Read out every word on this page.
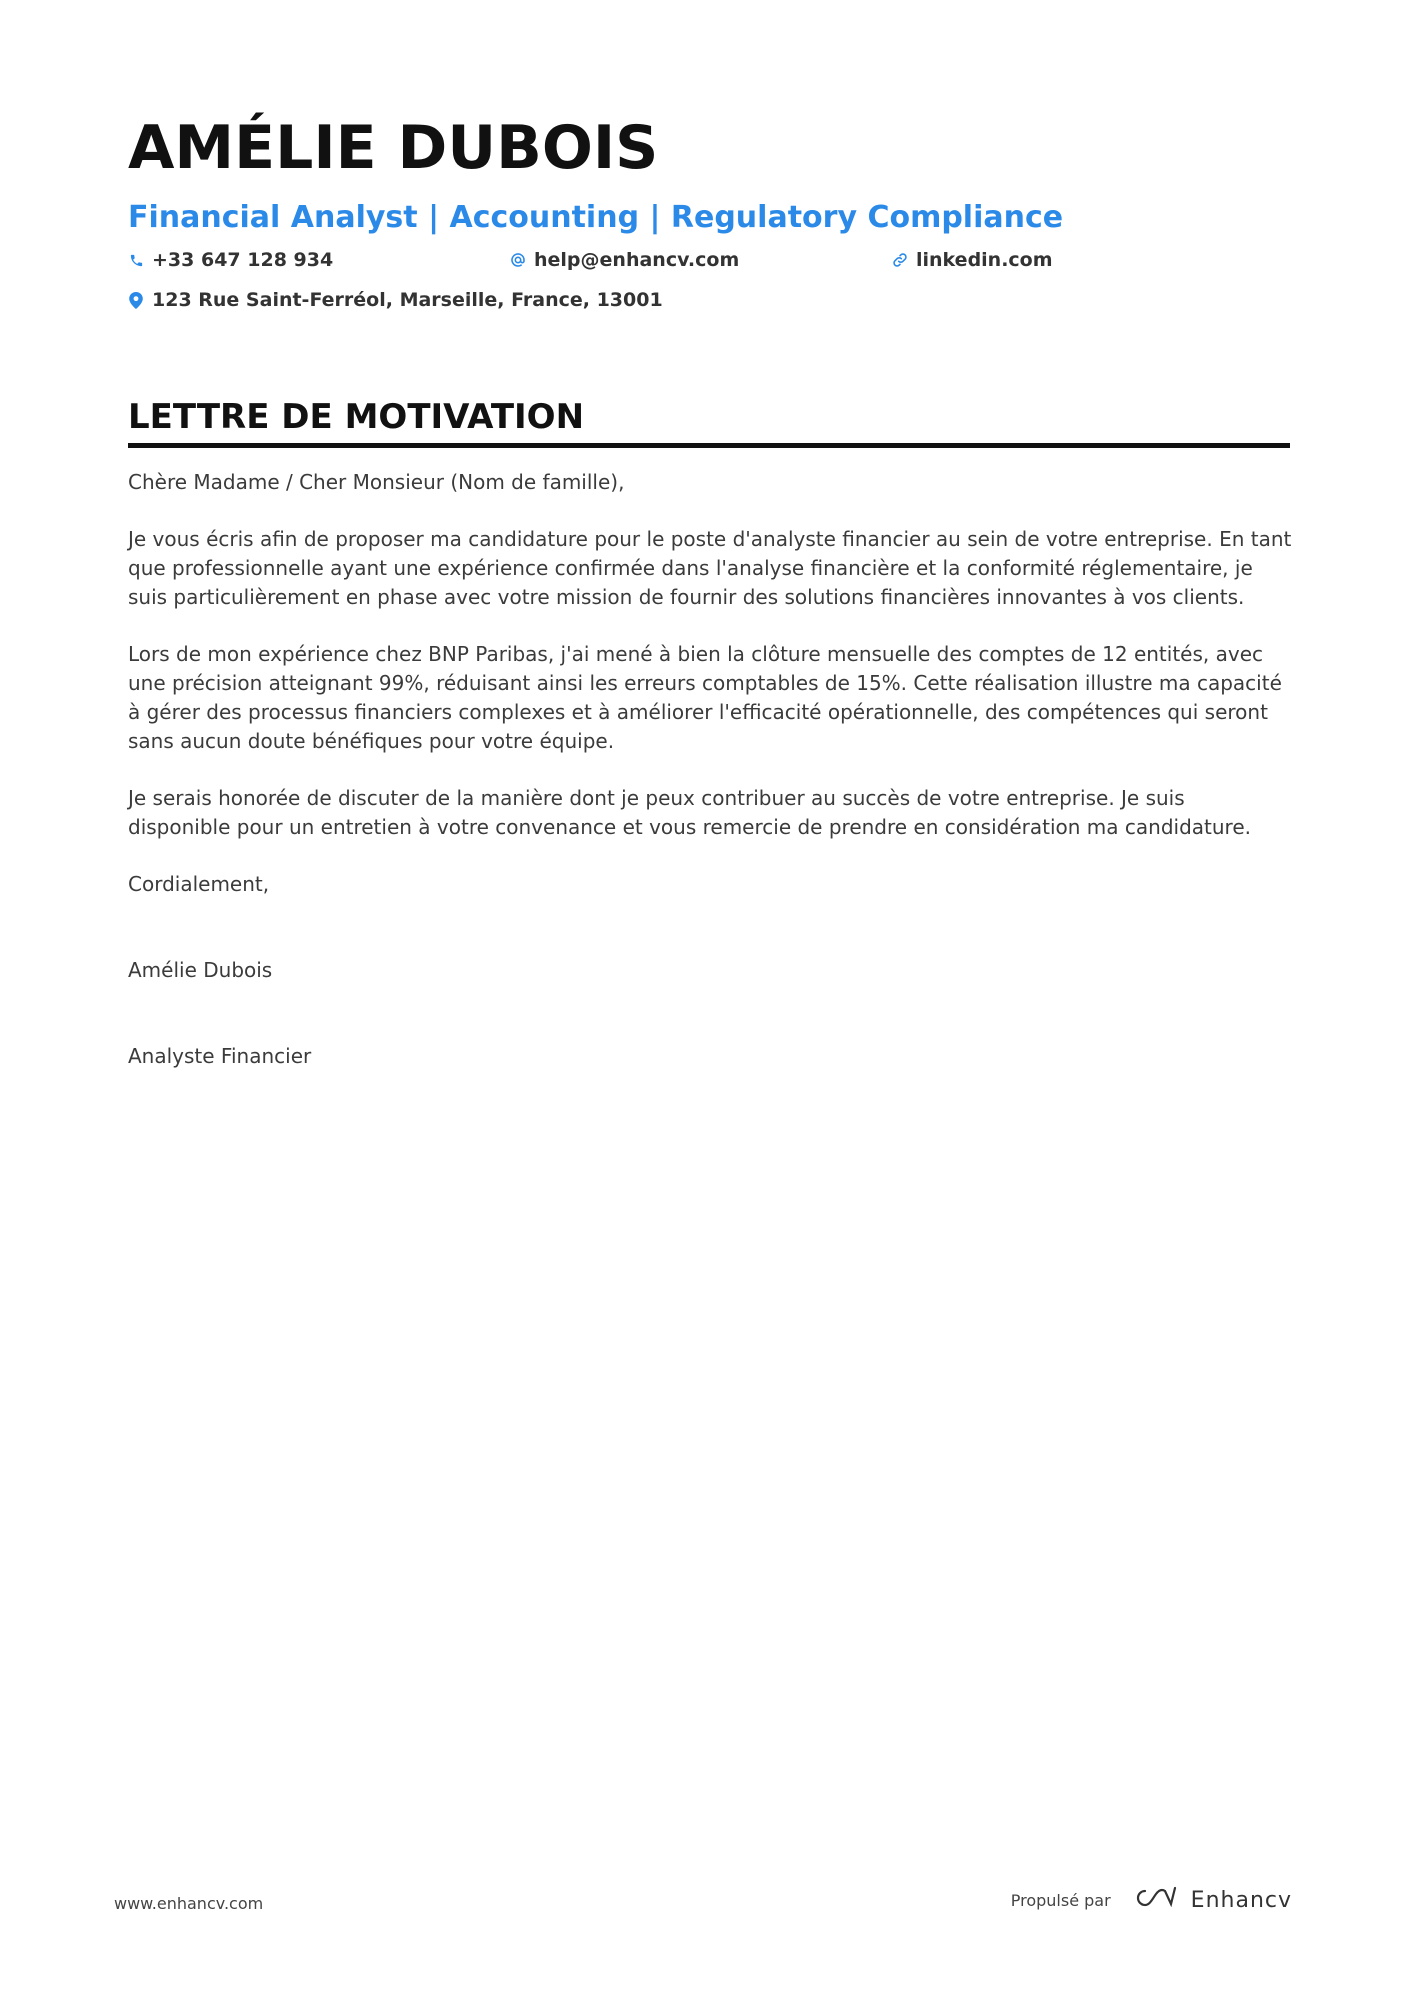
AMÉLIE DUBOIS
Financial Analyst | Accounting | Regulatory Compliance
+33 647 128 934	help@enhancv.com	linkedin.com
123 Rue Saint-Ferréol, Marseille, France, 13001
LETTRE DE MOTIVATION

Chère Madame / Cher Monsieur (Nom de famille),

Je vous écris afin de proposer ma candidature pour le poste d'analyste financier au sein de votre entreprise. En tant que professionnelle ayant une expérience confirmée dans l'analyse financière et la conformité réglementaire, je suis particulièrement en phase avec votre mission de fournir des solutions financières innovantes à vos clients.

Lors de mon expérience chez BNP Paribas, j'ai mené à bien la clôture mensuelle des comptes de 12 entités, avec une précision atteignant 99%, réduisant ainsi les erreurs comptables de 15%. Cette réalisation illustre ma capacité à gérer des processus financiers complexes et à améliorer l'efficacité opérationnelle, des compétences qui seront sans aucun doute bénéfiques pour votre équipe.

Je serais honorée de discuter de la manière dont je peux contribuer au succès de votre entreprise. Je suis disponible pour un entretien à votre convenance et vous remercie de prendre en considération ma candidature.

Cordialement,

Amélie Dubois

Analyste Financier

www.enhancv.com	Propulsé par	Enhancv
